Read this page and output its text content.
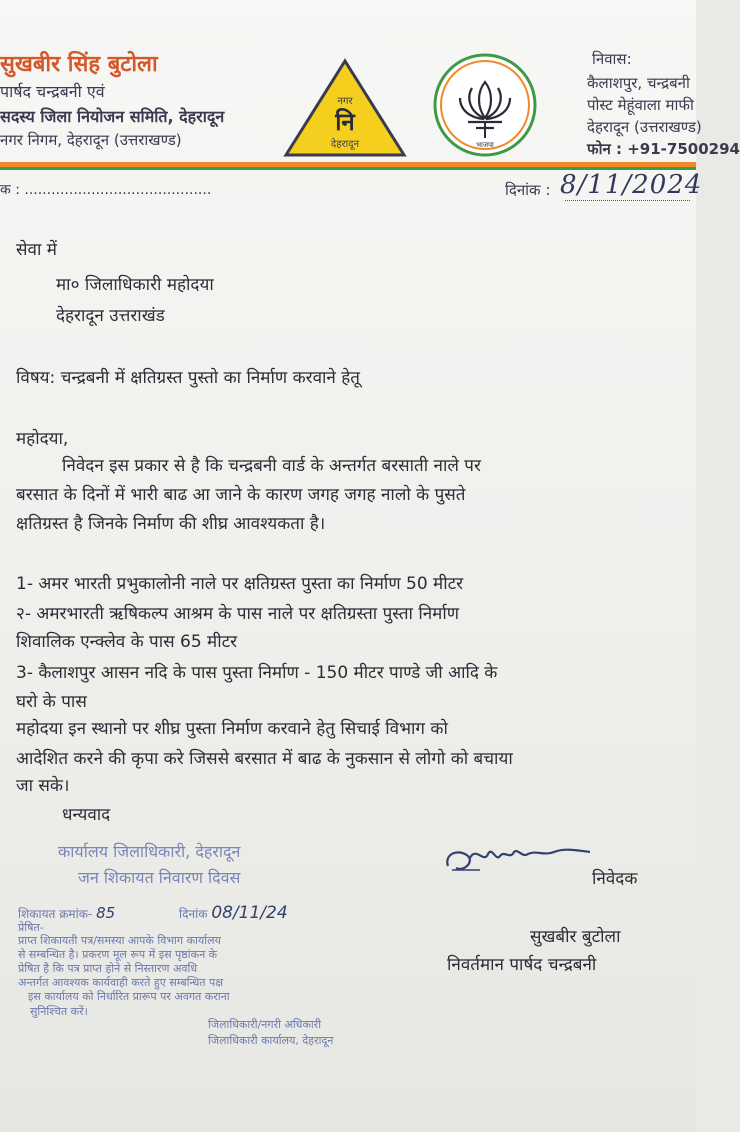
सुखबीर सिंह बुटोला
पार्षद चन्द्रबनी एवं
सदस्य जिला नियोजन समिति, देहरादून
नगर निगम, देहरादून (उत्तराखण्ड)
नगर
नि
देहरादून	भाजपा
निवास:
कैलाशपुर, चन्द्रबनी
पोस्ट मेहूंवाला माफी
देहरादून (उत्तराखण्ड)
फोन : +91-7500294
क : ..........................................	दिनांक : 8/11/2024
सेवा में
मा० जिलाधिकारी महोदया
देहरादून उत्तराखंड
विषय: चन्द्रबनी में क्षतिग्रस्त पुस्तो का निर्माण करवाने हेतू
महोदया,
निवेदन इस प्रकार से है कि चन्द्रबनी वार्ड के अन्तर्गत बरसाती नाले पर
बरसात के दिनों में भारी बाढ आ जाने के कारण जगह जगह नालो के पुसते
क्षतिग्रस्त है जिनके निर्माण की शीघ्र आवश्यकता है।
1- अमर भारती प्रभुकालोनी नाले पर क्षतिग्रस्त पुस्ता का निर्माण 50 मीटर
२- अमरभारती ऋषिकल्प आश्रम के पास नाले पर क्षतिग्रस्ता पुस्ता निर्माण
शिवालिक एन्क्लेव के पास 65 मीटर
3- कैलाशपुर आसन नदि के पास पुस्ता निर्माण - 150 मीटर पाण्डे जी आदि के
घरो के पास
महोदया इन स्थानो पर शीघ्र पुस्ता निर्माण करवाने हेतु सिचाई विभाग को
आदेशित करने की कृपा करे जिससे बरसात में बाढ के नुकसान से लोगो को बचाया
जा सके।
धन्यवाद
निवेदक
सुखबीर बुटोला
निवर्तमान पार्षद चन्द्रबनी
कार्यालय जिलाधिकारी, देहरादून
जन शिकायत निवारण दिवस
शिकायत क्रमांक- 85	दिनांक 08/11/24
प्रेषित-
प्राप्त शिकायती पत्र/समस्या आपके विभाग कार्यालय
से सम्बन्धित है। प्रकरण मूल रूप में इस पृष्ठांकन के
प्रेषित है कि पत्र प्राप्त होने से निस्तारण अवधि
अन्तर्गत आवश्यक कार्यवाही करते हुए सम्बन्धित पक्ष
इस कार्यालय को निर्धारित प्रारूप पर अवगत कराना
सुनिश्चित करें।
जिलाधिकारी/नगरी अधिकारी
जिलाधिकारी कार्यालय, देहरादून
